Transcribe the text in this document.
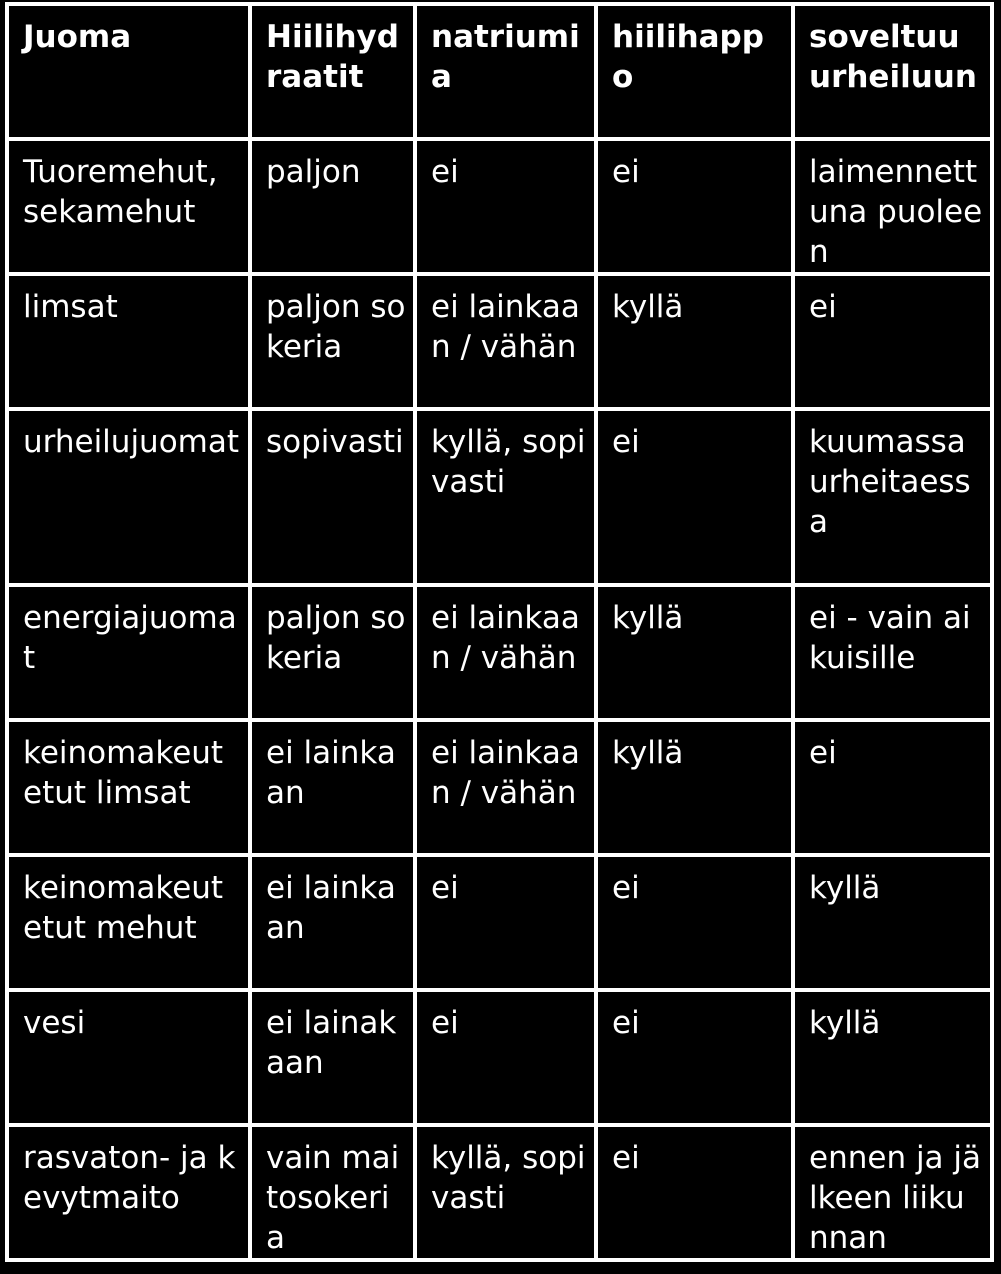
Juoma	Hiilihydraatit	natriumia	hiilihappo	soveltuu urheiluun
Tuoremehut, sekamehut	paljon	ei	ei	laimennettuna puoleen
limsat	paljon sokeria	ei lainkaan / vähän	kyllä	ei
urheilujuomat	sopivasti	kyllä, sopivasti	ei	kuumassa urheitaessa
energiajuomat	paljon sokeria	ei lainkaan / vähän	kyllä	ei - vain aikuisille
keinomakeutetut limsat	ei lainkaan	ei lainkaan / vähän	kyllä	ei
keinomakeutetut mehut	ei lainkaan	ei	ei	kyllä
vesi	ei lainakaan	ei	ei	kyllä
rasvaton- ja kevytmaito	vain maitosokeria	kyllä, sopivasti	ei	ennen ja jälkeen liikunnan
